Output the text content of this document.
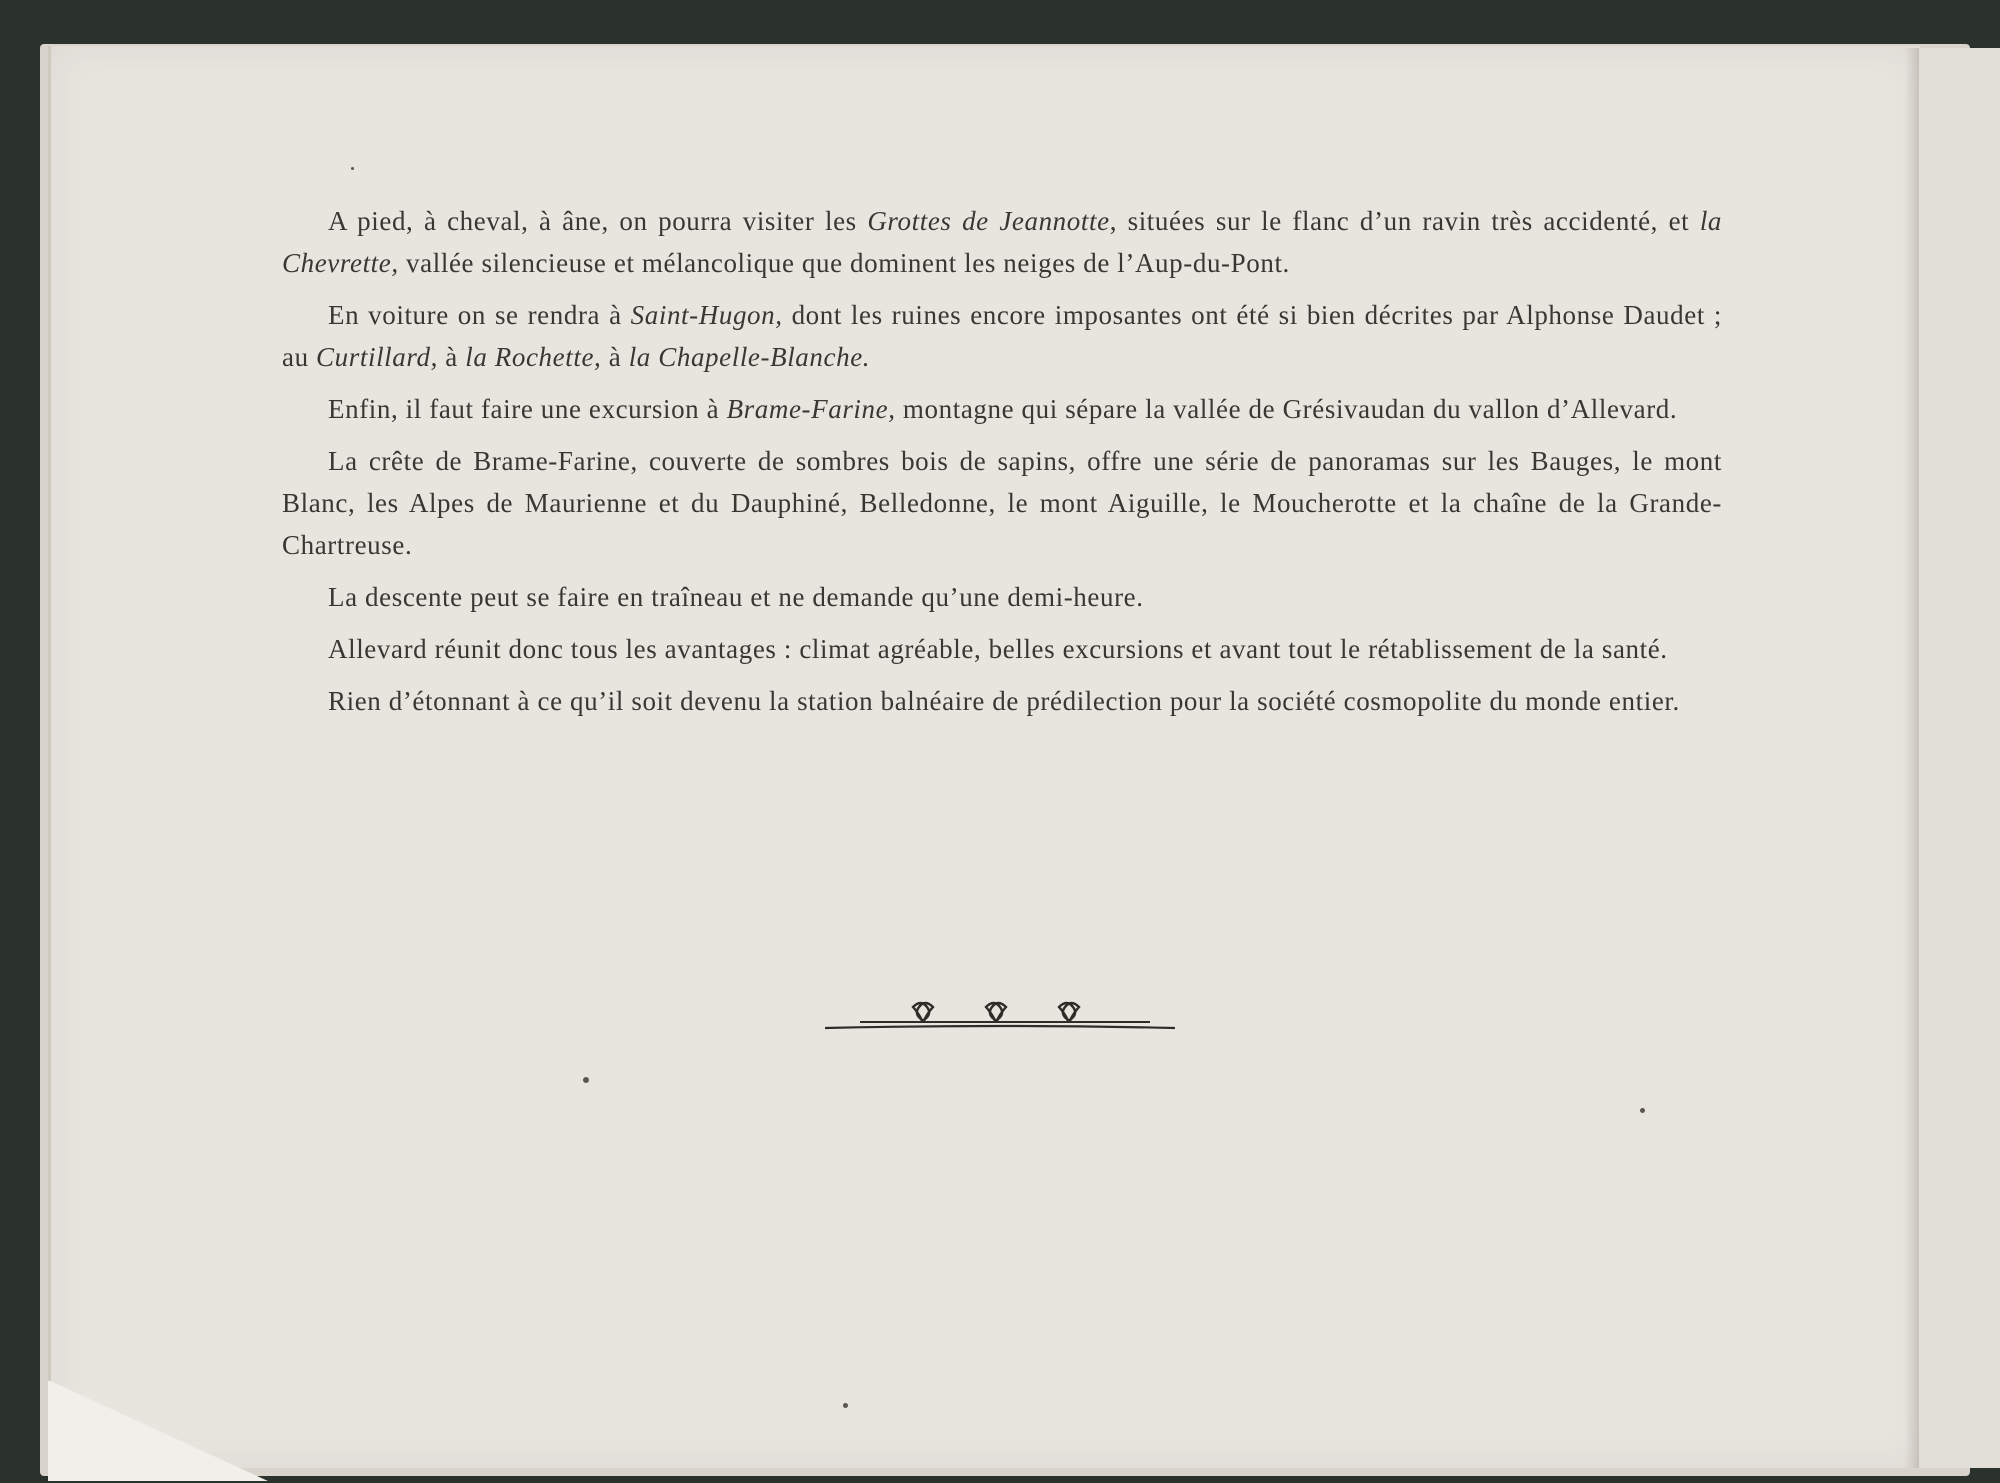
A pied, à cheval, à âne, on pourra visiter les Grottes de Jeannotte, situées sur le flanc d’un ravin très accidenté, et la Chevrette, vallée silencieuse et mélancolique que dominent les neiges de l’Aup-du-Pont.

En voiture on se rendra à Saint-Hugon, dont les ruines encore imposantes ont été si bien décrites par Alphonse Daudet ; au Curtillard, à la Rochette, à la Chapelle-Blanche.

Enfin, il faut faire une excursion à Brame-Farine, montagne qui sépare la vallée de Grésivaudan du vallon d’Allevard.

La crête de Brame-Farine, couverte de sombres bois de sapins, offre une série de panoramas sur les Bauges, le mont Blanc, les Alpes de Maurienne et du Dauphiné, Belledonne, le mont Aiguille, le Moucherotte et la chaîne de la Grande-Chartreuse.

La descente peut se faire en traîneau et ne demande qu’une demi-heure.

Allevard réunit donc tous les avantages : climat agréable, belles excursions et avant tout le rétablissement de la santé.

Rien d’étonnant à ce qu’il soit devenu la station balnéaire de prédilection pour la société cosmopolite du monde entier.
